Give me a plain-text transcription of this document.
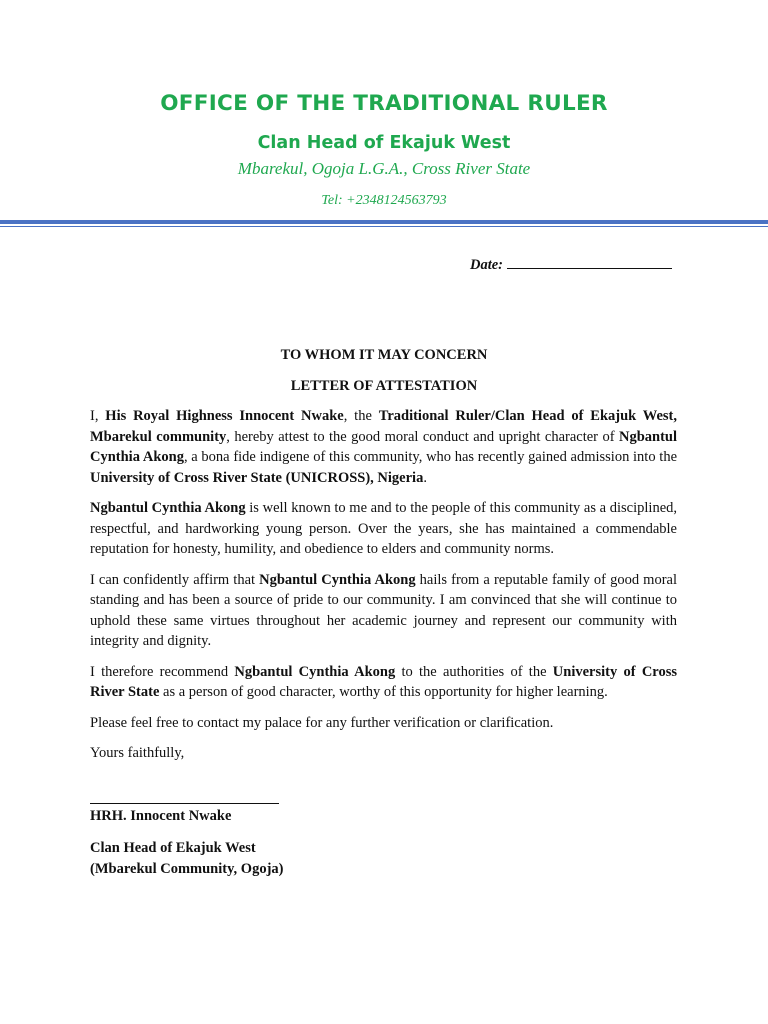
OFFICE OF THE TRADITIONAL RULER
Clan Head of Ekajuk West
Mbarekul, Ogoja L.G.A., Cross River State
Tel: +2348124563793
Date:
TO WHOM IT MAY CONCERN
LETTER OF ATTESTATION

I, His Royal Highness Innocent Nwake, the Traditional Ruler/Clan Head of Ekajuk West, Mbarekul community, hereby attest to the good moral conduct and upright character of Ngbantul Cynthia Akong, a bona fide indigene of this community, who has recently gained admission into the University of Cross River State (UNICROSS), Nigeria.

Ngbantul Cynthia Akong is well known to me and to the people of this community as a disciplined, respectful, and hardworking young person. Over the years, she has maintained a commendable reputation for honesty, humility, and obedience to elders and community norms.

I can confidently affirm that Ngbantul Cynthia Akong hails from a reputable family of good moral standing and has been a source of pride to our community. I am convinced that she will continue to uphold these same virtues throughout her academic journey and represent our community with integrity and dignity.

I therefore recommend Ngbantul Cynthia Akong to the authorities of the University of Cross River State as a person of good character, worthy of this opportunity for higher learning.

Please feel free to contact my palace for any further verification or clarification.

Yours faithfully,

HRH. Innocent Nwake
Clan Head of Ekajuk West
(Mbarekul Community, Ogoja)
